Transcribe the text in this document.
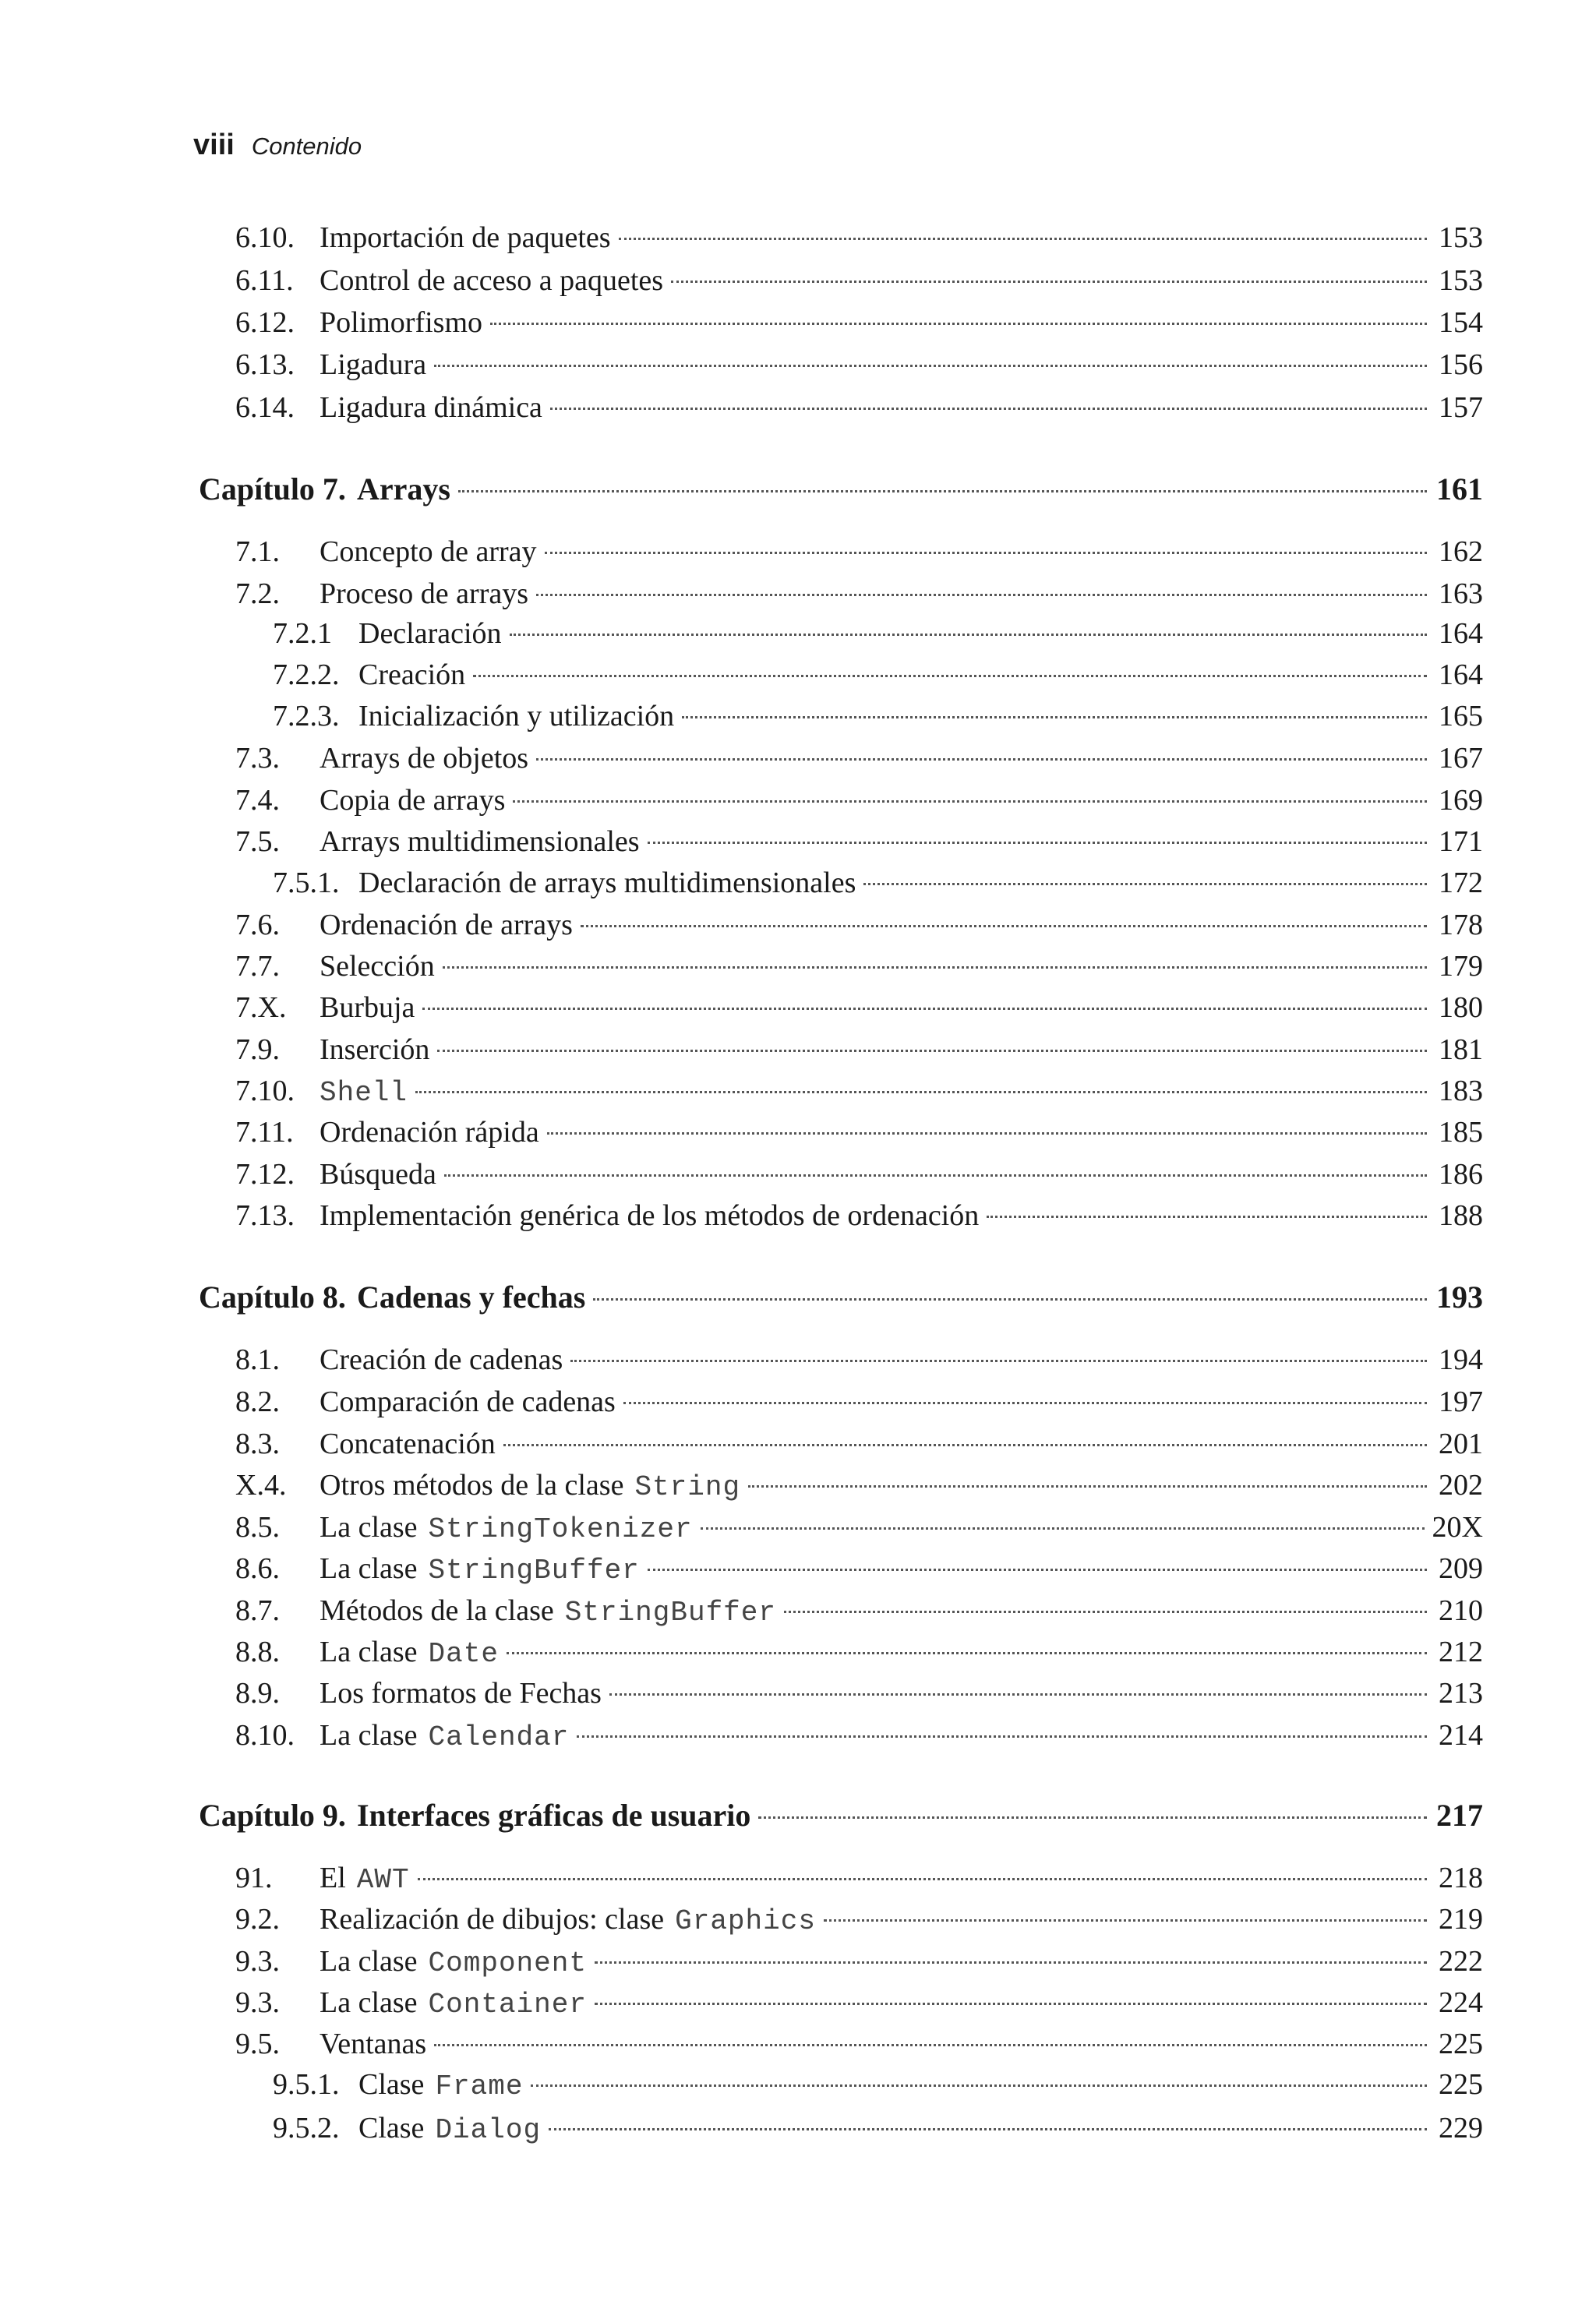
viii Contenido
6.10. Importación de paquetes	153
6.11. Control de acceso a paquetes	153
6.12. Polimorfismo	154
6.13. Ligadura	156
6.14. Ligadura dinámica	157
Capítulo 7. Arrays	161
7.1.	Concepto de array	162
7.2.	Proceso de arrays	163
7.2.1 Declaración	164
7.2.2. Creación	164
7.2.3. Inicialización y utilización	165
7.3.	Arrays de objetos	167
7.4.	Copia de arrays	169
7.5.	Arrays multidimensionales	171
7.5.1. Declaración de arrays multidimensionales	172
7.6.	Ordenación de arrays	178
7.7.	Selección	179
7.X.	Burbuja	180
7.9.	Inserción	181
7.10. Shell	183
7.11. Ordenación rápida	185
7.12. Búsqueda	186
7.13. Implementación genérica de los métodos de ordenación	188
Capítulo 8. Cadenas y fechas	193
8.1.	Creación de cadenas	194
8.2.	Comparación de cadenas	197
8.3.	Concatenación	201
X.4.	Otros métodos de la clase String	202
8.5.	La clase StringTokenizer	20X
8.6.	La clase StringBuffer	209
8.7.	Métodos de la clase StringBuffer	210
8.8.	La clase Date	212
8.9.	Los formatos de Fechas	213
8.10. La clase Calendar	214
Capítulo 9. Interfaces gráficas de usuario	217
91.	El AWT	218
9.2.	Realización de dibujos: clase Graphics	219
9.3.	La clase Component	222
9.3.	La clase Container	224
9.5.	Ventanas	225
9.5.1. Clase Frame	225
9.5.2. Clase Dialog	229
